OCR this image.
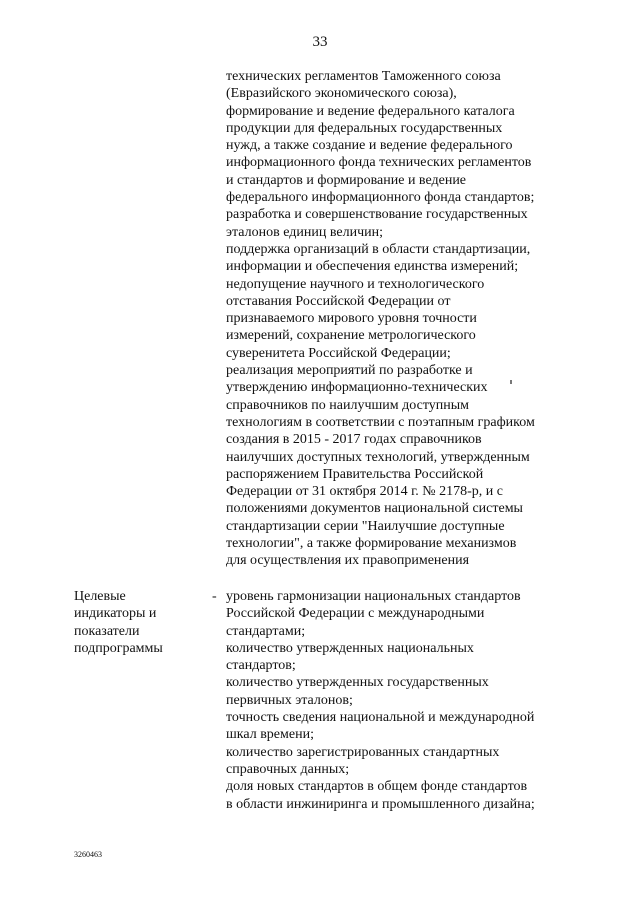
33
технических регламентов Таможенного союза
(Евразийского экономического союза),
формирование и ведение федерального каталога
продукции для федеральных государственных
нужд, а также создание и ведение федерального
информационного фонда технических регламентов
и стандартов и формирование и ведение
федерального информационного фонда стандартов;
разработка и совершенствование государственных
эталонов единиц величин;
поддержка организаций в области стандартизации,
информации и обеспечения единства измерений;
недопущение научного и технологического
отставания Российской Федерации от
признаваемого мирового уровня точности
измерений, сохранение метрологического
суверенитета Российской Федерации;
реализация мероприятий по разработке и
утверждению информационно-технических
справочников по наилучшим доступным
технологиям в соответствии с поэтапным графиком
создания в 2015 - 2017 годах справочников
наилучших доступных технологий, утвержденным
распоряжением Правительства Российской
Федерации от 31 октября 2014 г. № 2178-р, и с
положениями документов национальной системы
стандартизации серии "Наилучшие доступные
технологии", а также формирование механизмов
для осуществления их правоприменения
Целевые
индикаторы и
показатели
подпрограммы
- уровень гармонизации национальных стандартов
Российской Федерации с международными
стандартами;
количество утвержденных национальных
стандартов;
количество утвержденных государственных
первичных эталонов;
точность сведения национальной и международной
шкал времени;
количество зарегистрированных стандартных
справочных данных;
доля новых стандартов в общем фонде стандартов
в области инжиниринга и промышленного дизайна;
3260463
